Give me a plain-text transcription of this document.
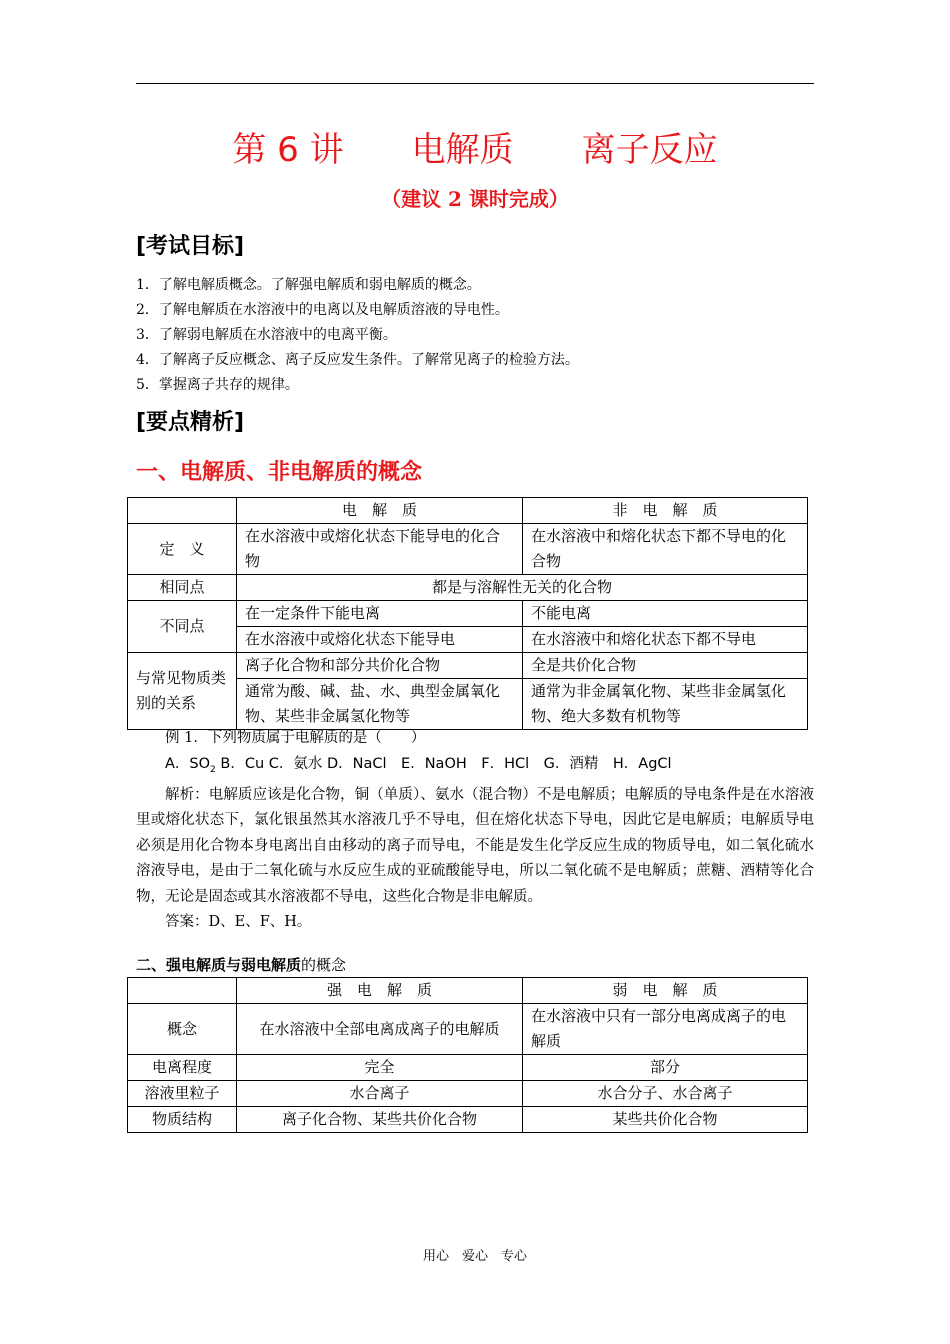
第 6 讲　　电解质　　离子反应
（建议 2 课时完成）
[考试目标]
1．了解电解质概念。了解强电解质和弱电解质的概念。
2．了解电解质在水溶液中的电离以及电解质溶液的导电性。
3．了解弱电解质在水溶液中的电离平衡。
4．了解离子反应概念、离子反应发生条件。了解常见离子的检验方法。
5．掌握离子共存的规律。
[要点精析]
一、电解质、非电解质的概念
	电　解　质	非　电　解　质
定　义	在水溶液中或熔化状态下能导电的化合物	在水溶液中和熔化状态下都不导电的化合物
相同点	都是与溶解性无关的化合物	
不同点	在一定条件下能电离	不能电离
	在水溶液中或熔化状态下能导电	在水溶液中和熔化状态下都不导电
与常见物质类别的关系	离子化合物和部分共价化合物	全是共价化合物
	通常为酸、碱、盐、水、典型金属氧化物、某些非金属氢化物等	通常为非金属氧化物、某些非金属氢化物、绝大多数有机物等

例 1．下列物质属于电解质的是（　　）

A．$SO_2$ B．Cu C．氨水 D．NaCl　E．NaOH　F．HCl　G．酒精　H．AgCl

解析：电解质应该是化合物，铜（单质）、氨水（混合物）不是电解质；电解质的导电条件是在水溶液里或熔化状态下，氯化银虽然其水溶液几乎不导电，但在熔化状态下导电，因此它是电解质；电解质导电必须是用化合物本身电离出自由移动的离子而导电，不能是发生化学反应生成的物质导电，如二氧化硫水溶液导电，是由于二氧化硫与水反应生成的亚硫酸能导电，所以二氧化硫不是电解质；蔗糖、酒精等化合物，无论是固态或其水溶液都不导电，这些化合物是非电解质。

答案：D、E、F、H。

二、强电解质与弱电解质的概念
	强　电　解　质	弱　电　解　质
概念	在水溶液中全部电离成离子的电解质	在水溶液中只有一部分电离成离子的电解质
电离程度	完全	部分
溶液里粒子	水合离子	水合分子、水合离子
物质结构	离子化合物、某些共价化合物	某些共价化合物
用心　爱心　专心
